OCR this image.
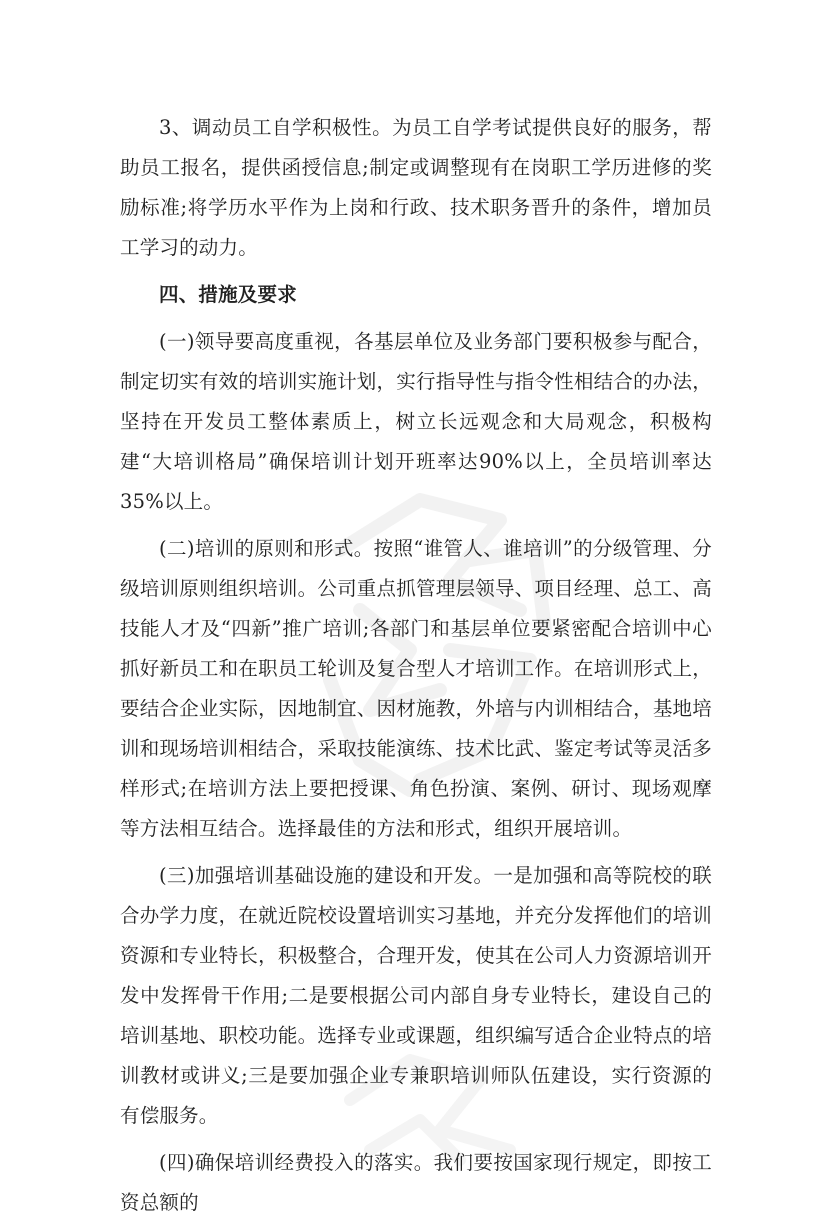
3、调动员工自学积极性。为员工自学考试提供良好的服务，帮助员工报名，提供函授信息;制定或调整现有在岗职工学历进修的奖励标准;将学历水平作为上岗和行政、技术职务晋升的条件，增加员工学习的动力。

四、措施及要求

(一)领导要高度重视，各基层单位及业务部门要积极参与配合，制定切实有效的培训实施计划，实行指导性与指令性相结合的办法，坚持在开发员工整体素质上，树立长远观念和大局观念，积极构建“大培训格局”确保培训计划开班率达90%以上，全员培训率达35%以上。

(二)培训的原则和形式。按照“谁管人、谁培训”的分级管理、分级培训原则组织培训。公司重点抓管理层领导、项目经理、总工、高技能人才及“四新”推广培训;各部门和基层单位要紧密配合培训中心抓好新员工和在职员工轮训及复合型人才培训工作。在培训形式上，要结合企业实际，因地制宜、因材施教，外培与内训相结合，基地培训和现场培训相结合，采取技能演练、技术比武、鉴定考试等灵活多样形式;在培训方法上要把授课、角色扮演、案例、研讨、现场观摩等方法相互结合。选择最佳的方法和形式，组织开展培训。

(三)加强培训基础设施的建设和开发。一是加强和高等院校的联合办学力度，在就近院校设置培训实习基地，并充分发挥他们的培训资源和专业特长，积极整合，合理开发，使其在公司人力资源培训开发中发挥骨干作用;二是要根据公司内部自身专业特长，建设自己的培训基地、职校功能。选择专业或课题，组织编写适合企业特点的培训教材或讲义;三是要加强企业专兼职培训师队伍建设，实行资源的有偿服务。

(四)确保培训经费投入的落实。我们要按国家现行规定，即按工资总额的
